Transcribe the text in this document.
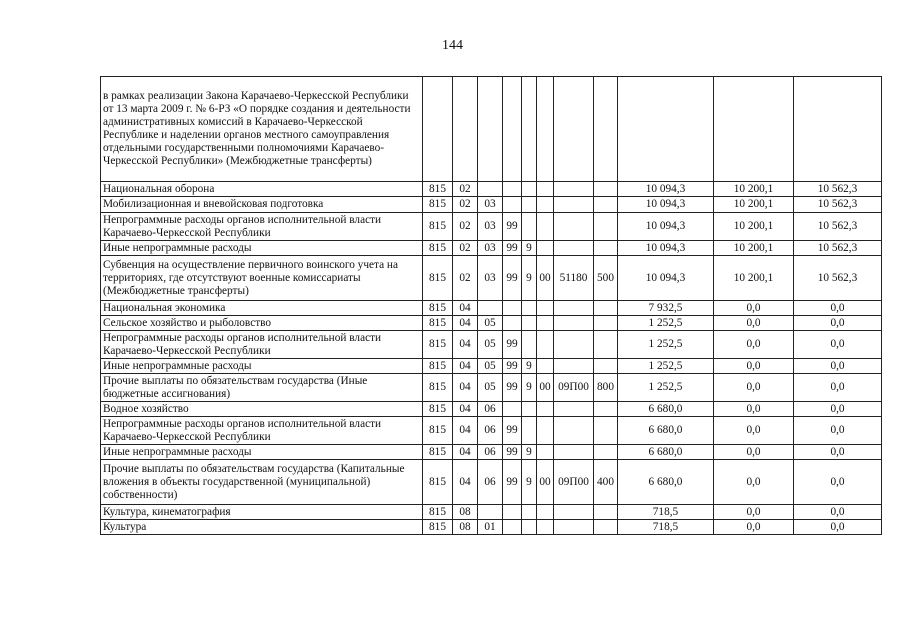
144
в рамках реализации Закона Карачаево-Черкесской Республики от 13 марта 2009 г. № 6-РЗ «О порядке создания и деятельности административных комиссий в Карачаево-Черкесской Республике и наделении органов местного самоуправления отдельными государственными полномочиями Карачаево-Черкесской Республики» (Межбюджетные трансферты)											
Национальная оборона	815	02							10 094,3	10 200,1	10 562,3
Мобилизационная и вневойсковая подготовка	815	02	03						10 094,3	10 200,1	10 562,3
Непрограммные расходы органов исполнительной власти Карачаево-Черкесской Республики	815	02	03	99					10 094,3	10 200,1	10 562,3
Иные непрограммные расходы	815	02	03	99	9				10 094,3	10 200,1	10 562,3
Субвенция на осуществление первичного воинского учета на территориях, где отсутствуют военные комиссариаты (Межбюджетные трансферты)	815	02	03	99	9	00	51180	500	10 094,3	10 200,1	10 562,3
Национальная экономика	815	04							7 932,5	0,0	0,0
Сельское хозяйство и рыболовство	815	04	05						1 252,5	0,0	0,0
Непрограммные расходы органов исполнительной власти Карачаево-Черкесской Республики	815	04	05	99					1 252,5	0,0	0,0
Иные непрограммные расходы	815	04	05	99	9				1 252,5	0,0	0,0
Прочие выплаты по обязательствам государства (Иные бюджетные ассигнования)	815	04	05	99	9	00	09П00	800	1 252,5	0,0	0,0
Водное хозяйство	815	04	06						6 680,0	0,0	0,0
Непрограммные расходы органов исполнительной власти Карачаево-Черкесской Республики	815	04	06	99					6 680,0	0,0	0,0
Иные непрограммные расходы	815	04	06	99	9				6 680,0	0,0	0,0
Прочие выплаты по обязательствам государства (Капитальные вложения в объекты государственной (муниципальной) собственности)	815	04	06	99	9	00	09П00	400	6 680,0	0,0	0,0
Культура, кинематография	815	08							718,5	0,0	0,0
Культура	815	08	01						718,5	0,0	0,0
